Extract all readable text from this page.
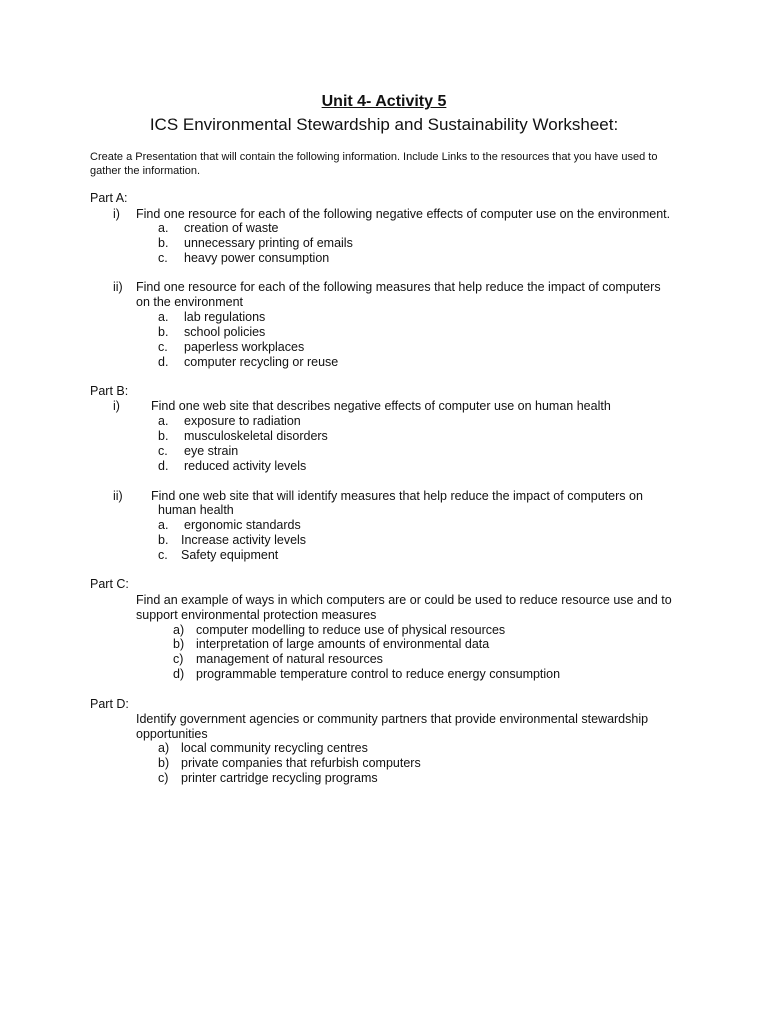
Unit 4- Activity 5
ICS Environmental Stewardship and Sustainability Worksheet:
Create a Presentation that will contain the following information. Include Links to the resources that you have used to
gather the information.
Part A:
i) Find one resource for each of the following negative effects of computer use on the environment.
a. creation of waste
b. unnecessary printing of emails
c. heavy power consumption
ii) Find one resource for each of the following measures that help reduce the impact of computers
on the environment
a. lab regulations
b. school policies
c. paperless workplaces
d. computer recycling or reuse
Part B:
i) Find one web site that describes negative effects of computer use on human health
a. exposure to radiation
b. musculoskeletal disorders
c. eye strain
d. reduced activity levels
ii) Find one web site that will identify measures that help reduce the impact of computers on
human health
a. ergonomic standards
b. Increase activity levels
c. Safety equipment
Part C:
Find an example of ways in which computers are or could be used to reduce resource use and to
support environmental protection measures
a) computer modelling to reduce use of physical resources
b) interpretation of large amounts of environmental data
c) management of natural resources
d) programmable temperature control to reduce energy consumption
Part D:
Identify government agencies or community partners that provide environmental stewardship
opportunities
a) local community recycling centres
b) private companies that refurbish computers
c) printer cartridge recycling programs
